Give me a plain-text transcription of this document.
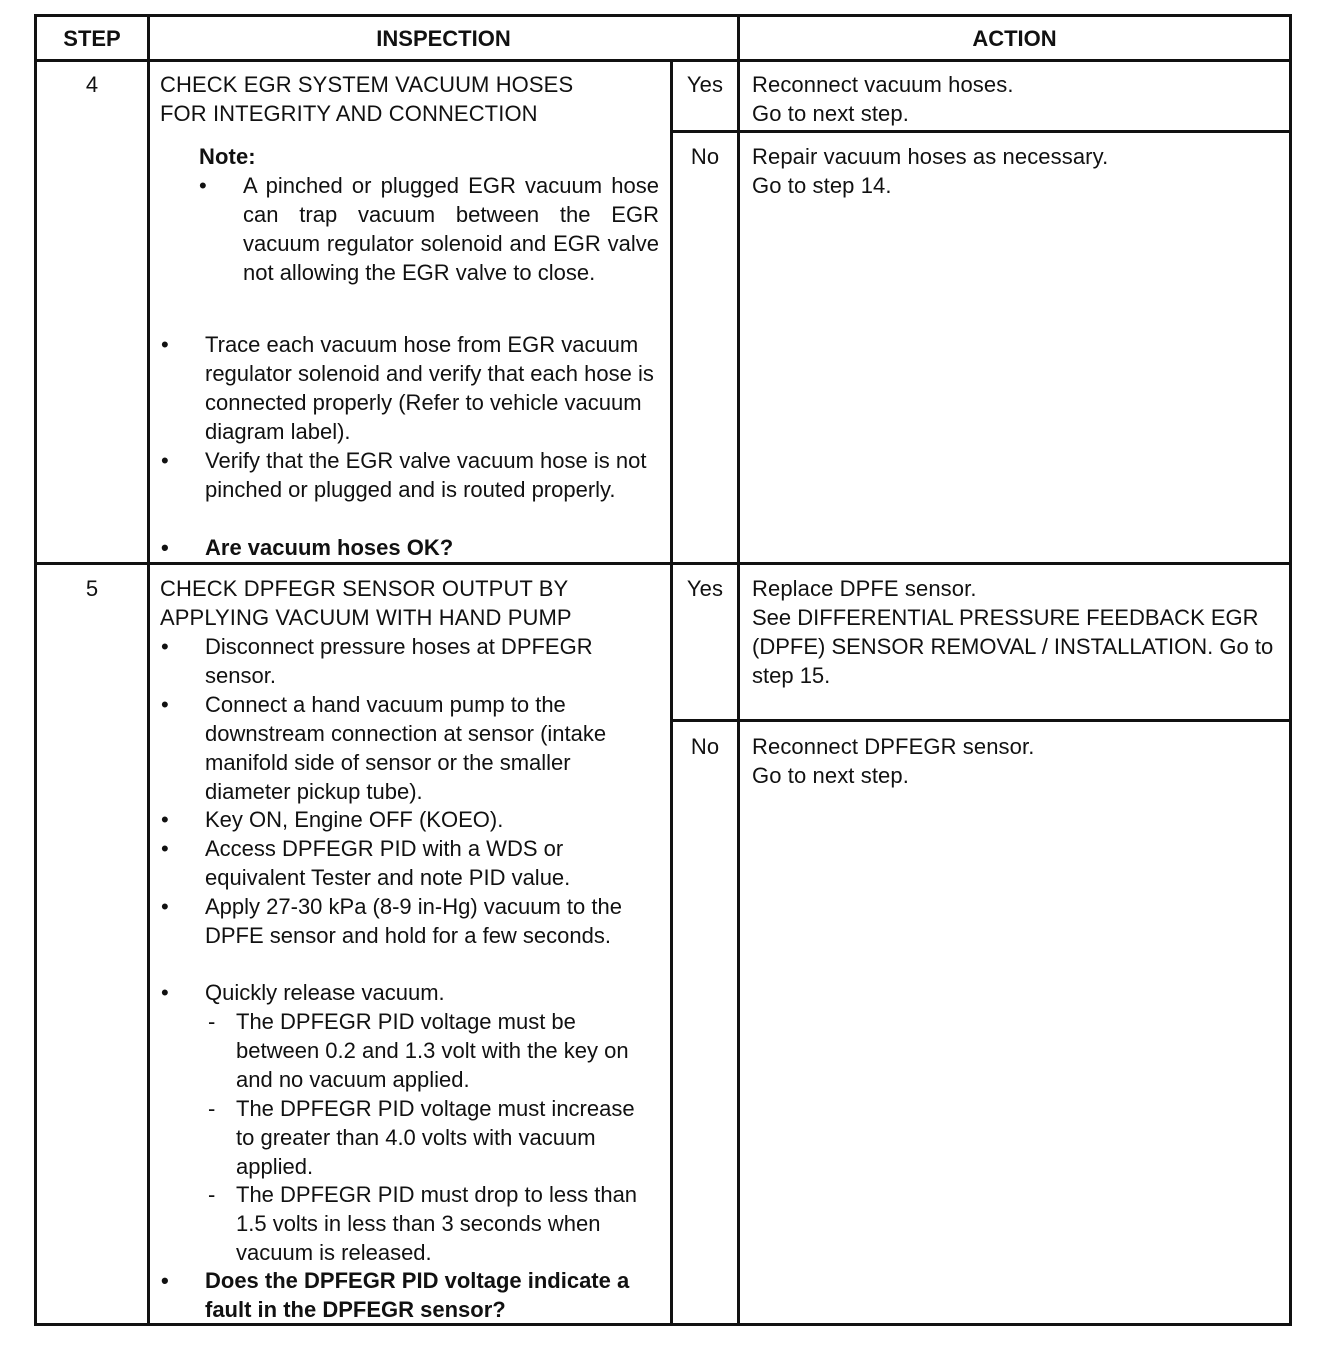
STEP	INSPECTION	ACTION
4	CHECK EGR SYSTEM VACUUM HOSES
FOR INTEGRITY AND CONNECTION
Note:
• A pinched or plugged EGR vacuum hose can trap vacuum between the EGR vacuum regulator solenoid and EGR valve not allowing the EGR valve to close.
• Trace each vacuum hose from EGR vacuum regulator solenoid and verify that each hose is connected properly (Refer to vehicle vacuum diagram label).
• Verify that the EGR valve vacuum hose is not pinched or plugged and is routed properly.
• Are vacuum hoses OK?
Yes	Reconnect vacuum hoses.
Go to next step.
No	Repair vacuum hoses as necessary.
Go to step 14.
5	CHECK DPFEGR SENSOR OUTPUT BY
APPLYING VACUUM WITH HAND PUMP
• Disconnect pressure hoses at DPFEGR sensor.
• Connect a hand vacuum pump to the downstream connection at sensor (intake manifold side of sensor or the smaller diameter pickup tube).
• Key ON, Engine OFF (KOEO).
• Access DPFEGR PID with a WDS or equivalent Tester and note PID value.
• Apply 27-30 kPa (8-9 in-Hg) vacuum to the DPFE sensor and hold for a few seconds.
• Quickly release vacuum.
- The DPFEGR PID voltage must be between 0.2 and 1.3 volt with the key on and no vacuum applied.
- The DPFEGR PID voltage must increase to greater than 4.0 volts with vacuum applied.
- The DPFEGR PID must drop to less than 1.5 volts in less than 3 seconds when vacuum is released.
• Does the DPFEGR PID voltage indicate a fault in the DPFEGR sensor?
Yes	Replace DPFE sensor.
See DIFFERENTIAL PRESSURE FEEDBACK EGR (DPFE) SENSOR REMOVAL / INSTALLATION. Go to step 15.
No	Reconnect DPFEGR sensor.
Go to next step.
